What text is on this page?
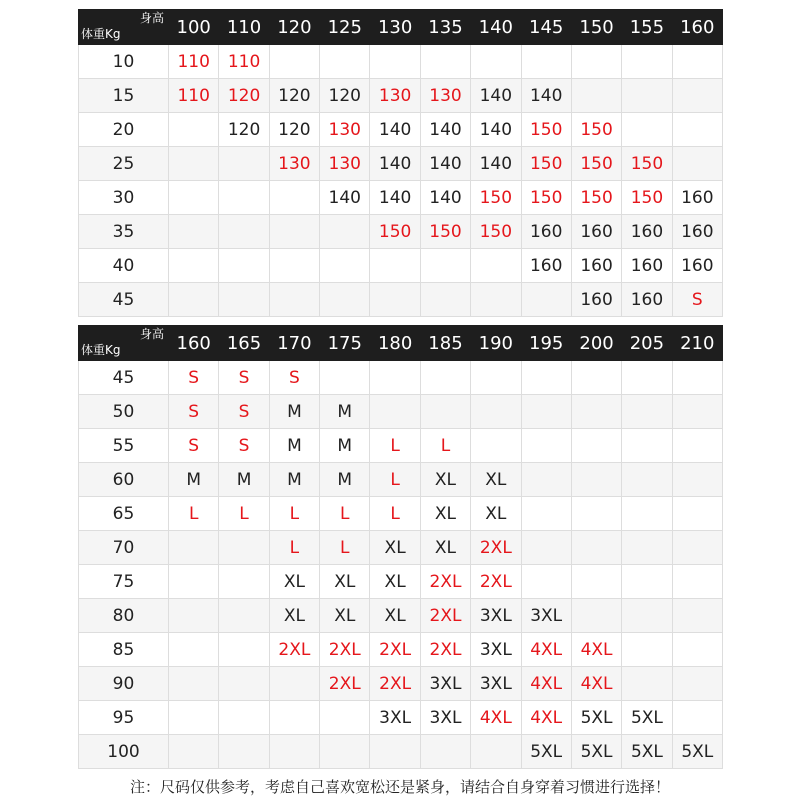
身高
体重Kg	100	110	120	125	130	135	140	145	150	155	160
10	110	110									
15	110	120	120	120	130	130	140	140			
20		120	120	130	140	140	140	150	150		
25			130	130	140	140	140	150	150	150	
30				140	140	140	150	150	150	150	160
35					150	150	150	160	160	160	160
40								160	160	160	160
45									160	160	S
身高
体重Kg	160	165	170	175	180	185	190	195	200	205	210
45	S	S	S								
50	S	S	M	M							
55	S	S	M	M	L	L					
60	M	M	M	M	L	XL	XL				
65	L	L	L	L	L	XL	XL				
70			L	L	XL	XL	2XL				
75			XL	XL	XL	2XL	2XL				
80			XL	XL	XL	2XL	3XL	3XL			
85			2XL	2XL	2XL	2XL	3XL	4XL	4XL		
90				2XL	2XL	3XL	3XL	4XL	4XL		
95					3XL	3XL	4XL	4XL	5XL	5XL	
100								5XL	5XL	5XL	5XL
注：尺码仅供参考，考虑自己喜欢宽松还是紧身，请结合自身穿着习惯进行选择！
